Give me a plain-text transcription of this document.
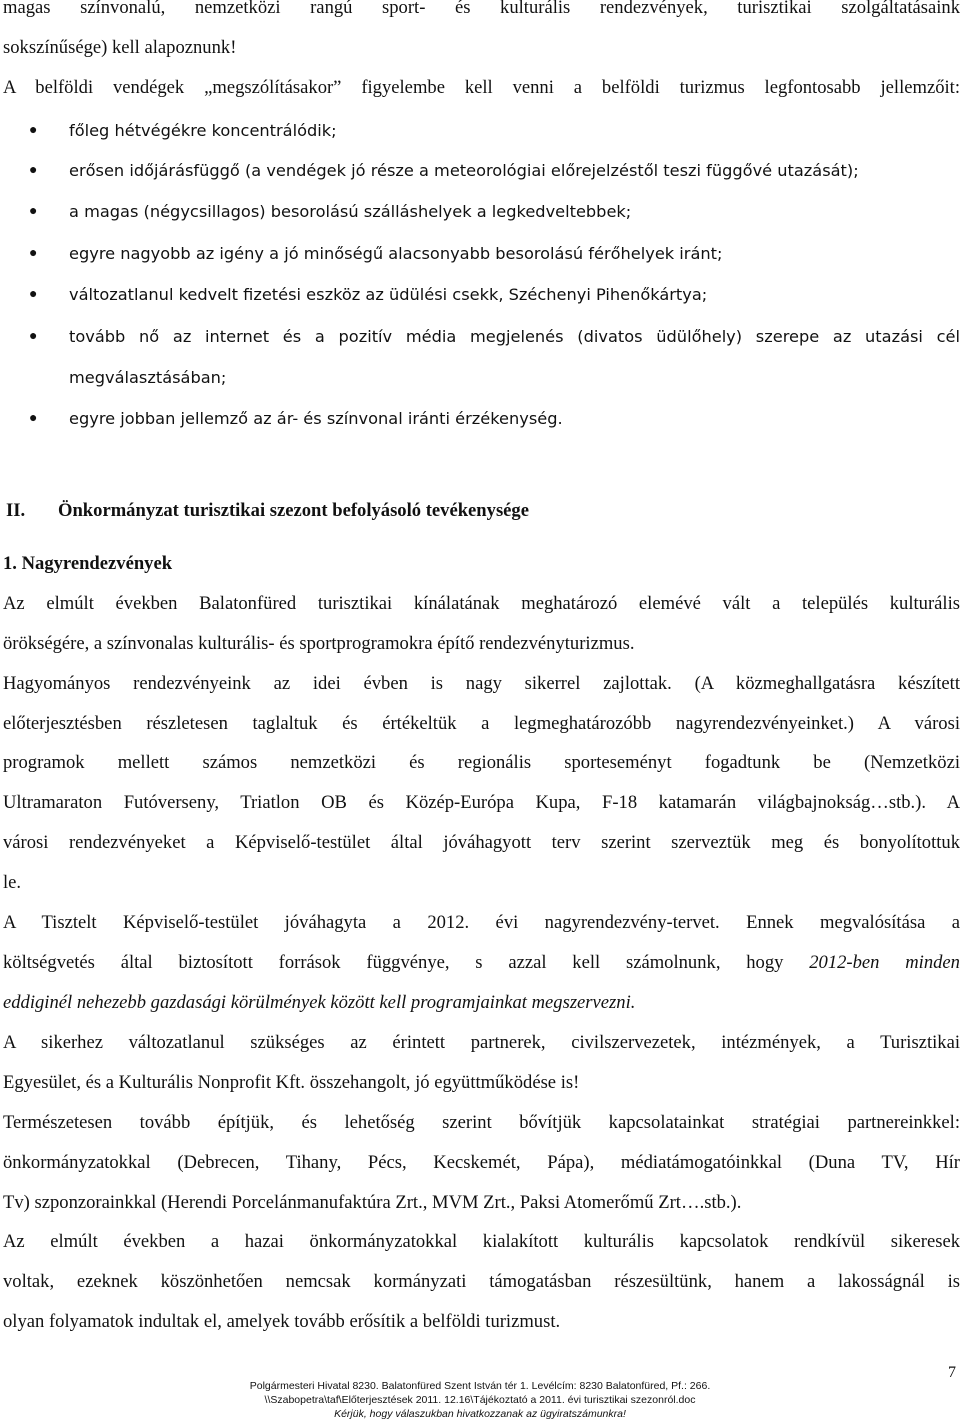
magas színvonalú, nemzetközi rangú sport- és kulturális rendezvények, turisztikai szolgáltatásaink
sokszínűsége) kell alapoznunk!
A belföldi vendégek „megszólításakor” figyelembe kell venni a belföldi turizmus legfontosabb jellemzőit:
● főleg hétvégékre koncentrálódik;
● erősen időjárásfüggő (a vendégek jó része a meteorológiai előrejelzéstől teszi függővé utazását);
● a magas (négycsillagos) besorolású szálláshelyek a legkedveltebbek;
● egyre nagyobb az igény a jó minőségű alacsonyabb besorolású férőhelyek iránt;
● változatlanul kedvelt fizetési eszköz az üdülési csekk, Széchenyi Pihenőkártya;
● tovább nő az internet és a pozitív média megjelenés (divatos üdülőhely) szerepe az utazási cél
megválasztásában;
● egyre jobban jellemző az ár- és színvonal iránti érzékenység.
II. Önkormányzat turisztikai szezont befolyásoló tevékenysége
1. Nagyrendezvények
Az elmúlt években Balatonfüred turisztikai kínálatának meghatározó elemévé vált a település kulturális
örökségére, a színvonalas kulturális- és sportprogramokra építő rendezvényturizmus.
Hagyományos rendezvényeink az idei évben is nagy sikerrel zajlottak. (A közmeghallgatásra készített
előterjesztésben részletesen taglaltuk és értékeltük a legmeghatározóbb nagyrendezvényeinket.) A városi
programok mellett számos nemzetközi és regionális sporteseményt fogadtunk be (Nemzetközi
Ultramaraton Futóverseny, Triatlon OB és Közép-Európa Kupa, F-18 katamarán világbajnokság…stb.). A
városi rendezvényeket a Képviselő-testület által jóváhagyott terv szerint szerveztük meg és bonyolítottuk
le.
A Tisztelt Képviselő-testület jóváhagyta a 2012. évi nagyrendezvény-tervet. Ennek megvalósítása a
költségvetés által biztosított források függvénye, s azzal kell számolnunk, hogy 2012-ben minden
eddiginél nehezebb gazdasági körülmények között kell programjainkat megszervezni.
A sikerhez változatlanul szükséges az érintett partnerek, civilszervezetek, intézmények, a Turisztikai
Egyesület, és a Kulturális Nonprofit Kft. összehangolt, jó együttműködése is!
Természetesen tovább építjük, és lehetőség szerint bővítjük kapcsolatainkat stratégiai partnereinkkel:
önkormányzatokkal (Debrecen, Tihany, Pécs, Kecskemét, Pápa), médiatámogatóinkkal (Duna TV, Hír
Tv) szponzorainkkal (Herendi Porcelánmanufaktúra Zrt., MVM Zrt., Paksi Atomerőmű Zrt….stb.).
Az elmúlt években a hazai önkormányzatokkal kialakított kulturális kapcsolatok rendkívül sikeresek
voltak, ezeknek köszönhetően nemcsak kormányzati támogatásban részesültünk, hanem a lakosságnál is
olyan folyamatok indultak el, amelyek tovább erősítik a belföldi turizmust.
7
Polgármesteri Hivatal 8230. Balatonfüred Szent István tér 1. Levélcím: 8230 Balatonfüred, Pf.: 266.
\\Szabopetra\taf\Előterjesztések 2011. 12.16\Tájékoztató a 2011. évi turisztikai szezonról.doc
Kérjük, hogy válaszukban hivatkozzanak az ügyiratszámunkra!
